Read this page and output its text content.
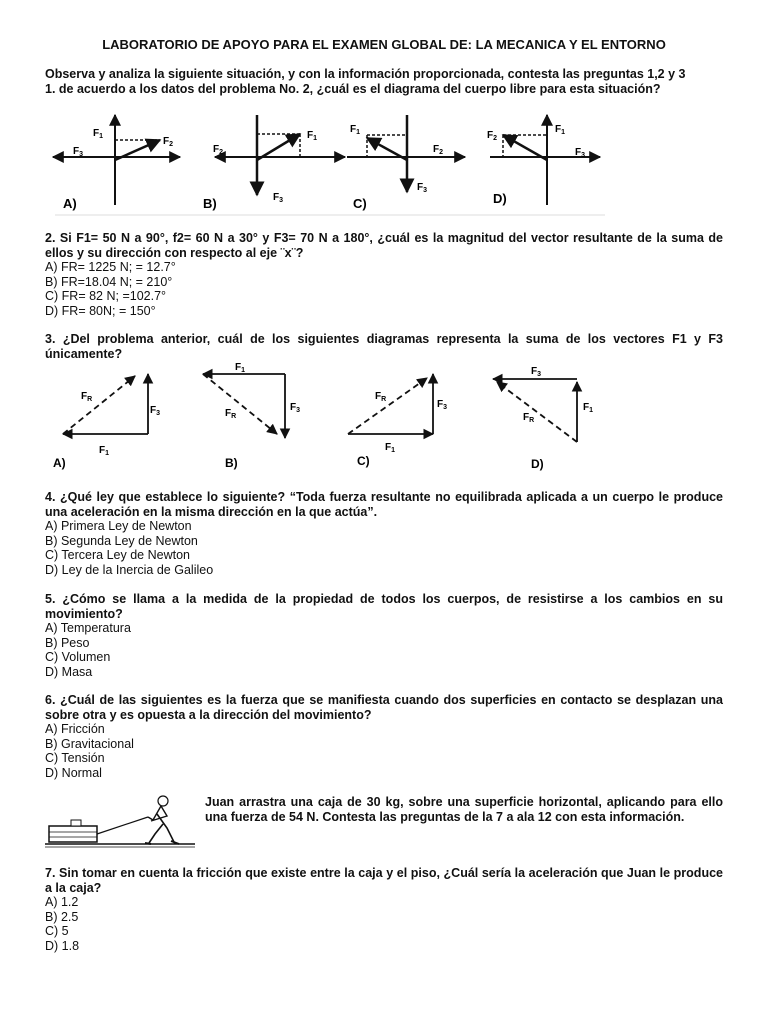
LABORATORIO DE APOYO PARA EL EXAMEN GLOBAL DE: LA MECANICA Y EL ENTORNO
Observa y analiza la siguiente situación, y con la información proporcionada, contesta las preguntas 1,2 y 3
1. de acuerdo a los datos del problema No. 2, ¿cuál es el diagrama del cuerpo libre para esta situación?
$F_1$	$F_2$
$F_3$
A)
$F_1$
$F_2$
$F_3$
B)
$F_1$
$F_2$
$F_3$
C)
$F_1$
$F_2$
$F_3$
D)
2. Si F1= 50 N a 90°, f2= 60 N a 30° y F3= 70 N a 180°, ¿cuál es la magnitud del vector resultante de la suma de ellos y su dirección con respecto al eje ¨x¨?
A) FR= 1225 N; = 12.7°
B) FR=18.04 N; = 210°
C) FR= 82 N; =102.7°
D) FR= 80N; = 150°
3. ¿Del problema anterior, cuál de los siguientes diagramas representa la suma de los vectores F1 y F3 únicamente?
$F_R$
$F_3$
$F_1$
A)
$F_1$
$F_3$
$F_R$
B)
$F_R$	$F_3$
$F_1$
C)
$F_3$
$F_1$
$F_R$
D)
4. ¿Qué ley que establece lo siguiente? “Toda fuerza resultante no equilibrada aplicada a un cuerpo le produce una aceleración en la misma dirección en la que actúa”.
A) Primera Ley de Newton
B) Segunda Ley de Newton
C) Tercera Ley de Newton
D) Ley de la Inercia de Galileo
5. ¿Cómo se llama a la medida de la propiedad de todos los cuerpos, de resistirse a los cambios en su movimiento?
A) Temperatura
B) Peso
C) Volumen
D) Masa
6. ¿Cuál de las siguientes es la fuerza que se manifiesta cuando dos superficies en contacto se desplazan una sobre otra y es opuesta a la dirección del movimiento?
A) Fricción
B) Gravitacional
C) Tensión
D) Normal
Juan arrastra una caja de 30 kg, sobre una superficie horizontal, aplicando para ello una fuerza de 54 N. Contesta las preguntas de la 7 a ala 12 con esta información.
7. Sin tomar en cuenta la fricción que existe entre la caja y el piso, ¿Cuál sería la aceleración que Juan le produce a la caja?
A) 1.2
B) 2.5
C) 5
D) 1.8
